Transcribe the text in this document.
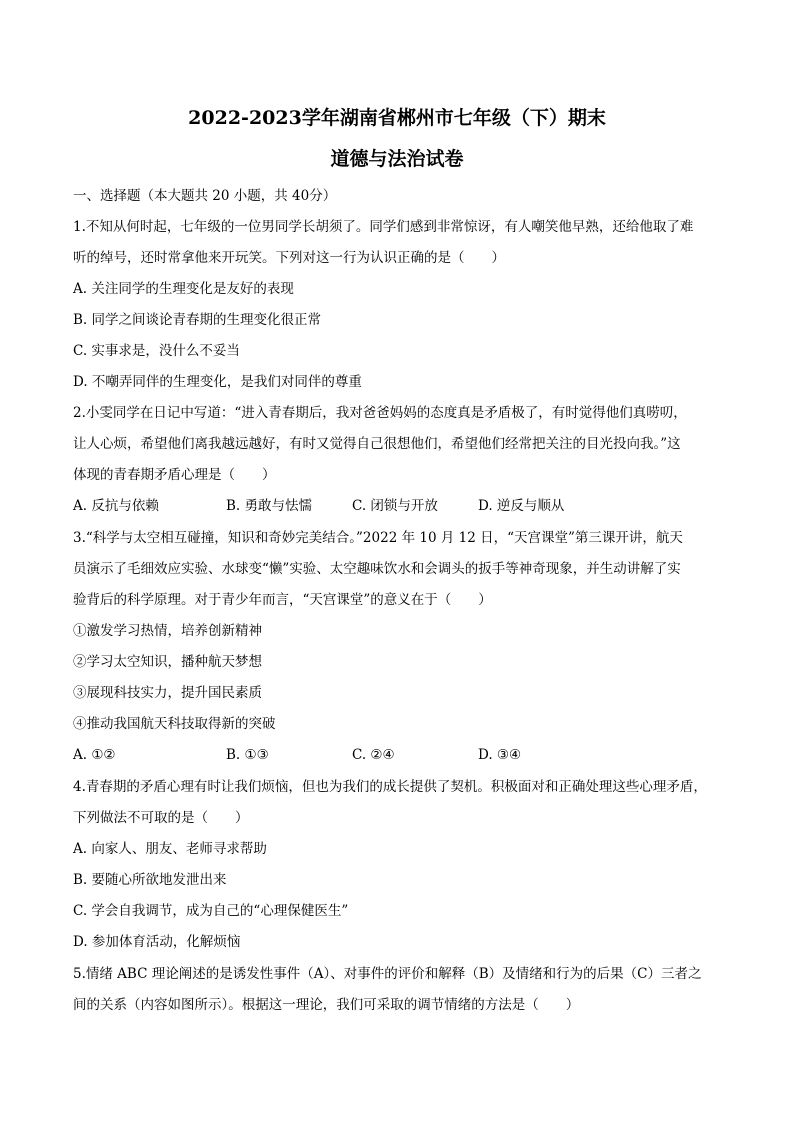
2022-2023学年湖南省郴州市七年级（下）期末
道德与法治试卷
一、选择题（本大题共 20 小题，共 40分）
1.不知从何时起，七年级的一位男同学长胡须了。同学们感到非常惊讶，有人嘲笑他早熟，还给他取了难
听的绰号，还时常拿他来开玩笑。下列对这一行为认识正确的是（　　）
A. 关注同学的生理变化是友好的表现
B. 同学之间谈论青春期的生理变化很正常
C. 实事求是，没什么不妥当
D. 不嘲弄同伴的生理变化，是我们对同伴的尊重
2.小雯同学在日记中写道：“进入青春期后，我对爸爸妈妈的态度真是矛盾极了，有时觉得他们真唠叨，
让人心烦，希望他们离我越远越好，有时又觉得自己很想他们，希望他们经常把关注的目光投向我。”这
体现的青春期矛盾心理是（　　）
A. 反抗与依赖	B. 勇敢与怯懦	C. 闭锁与开放	D. 逆反与顺从
3.“科学与太空相互碰撞，知识和奇妙完美结合。”2022 年 10 月 12 日，“天宫课堂”第三课开讲，航天
员演示了毛细效应实验、水球变“懒”实验、太空趣味饮水和会调头的扳手等神奇现象，并生动讲解了实
验背后的科学原理。对于青少年而言，“天宫课堂”的意义在于（　　）
①激发学习热情，培养创新精神
②学习太空知识，播种航天梦想
③展现科技实力，提升国民素质
④推动我国航天科技取得新的突破
A. ①②	B. ①③	C. ②④	D. ③④
4.青春期的矛盾心理有时让我们烦恼，但也为我们的成长提供了契机。积极面对和正确处理这些心理矛盾，
下列做法不可取的是（　　）
A. 向家人、朋友、老师寻求帮助
B. 要随心所欲地发泄出来
C. 学会自我调节，成为自己的“心理保健医生”
D. 参加体育活动，化解烦恼
5.情绪 ABC 理论阐述的是诱发性事件（A）、对事件的评价和解释（B）及情绪和行为的后果（C）三者之
间的关系（内容如图所示）。根据这一理论，我们可采取的调节情绪的方法是（　　）
